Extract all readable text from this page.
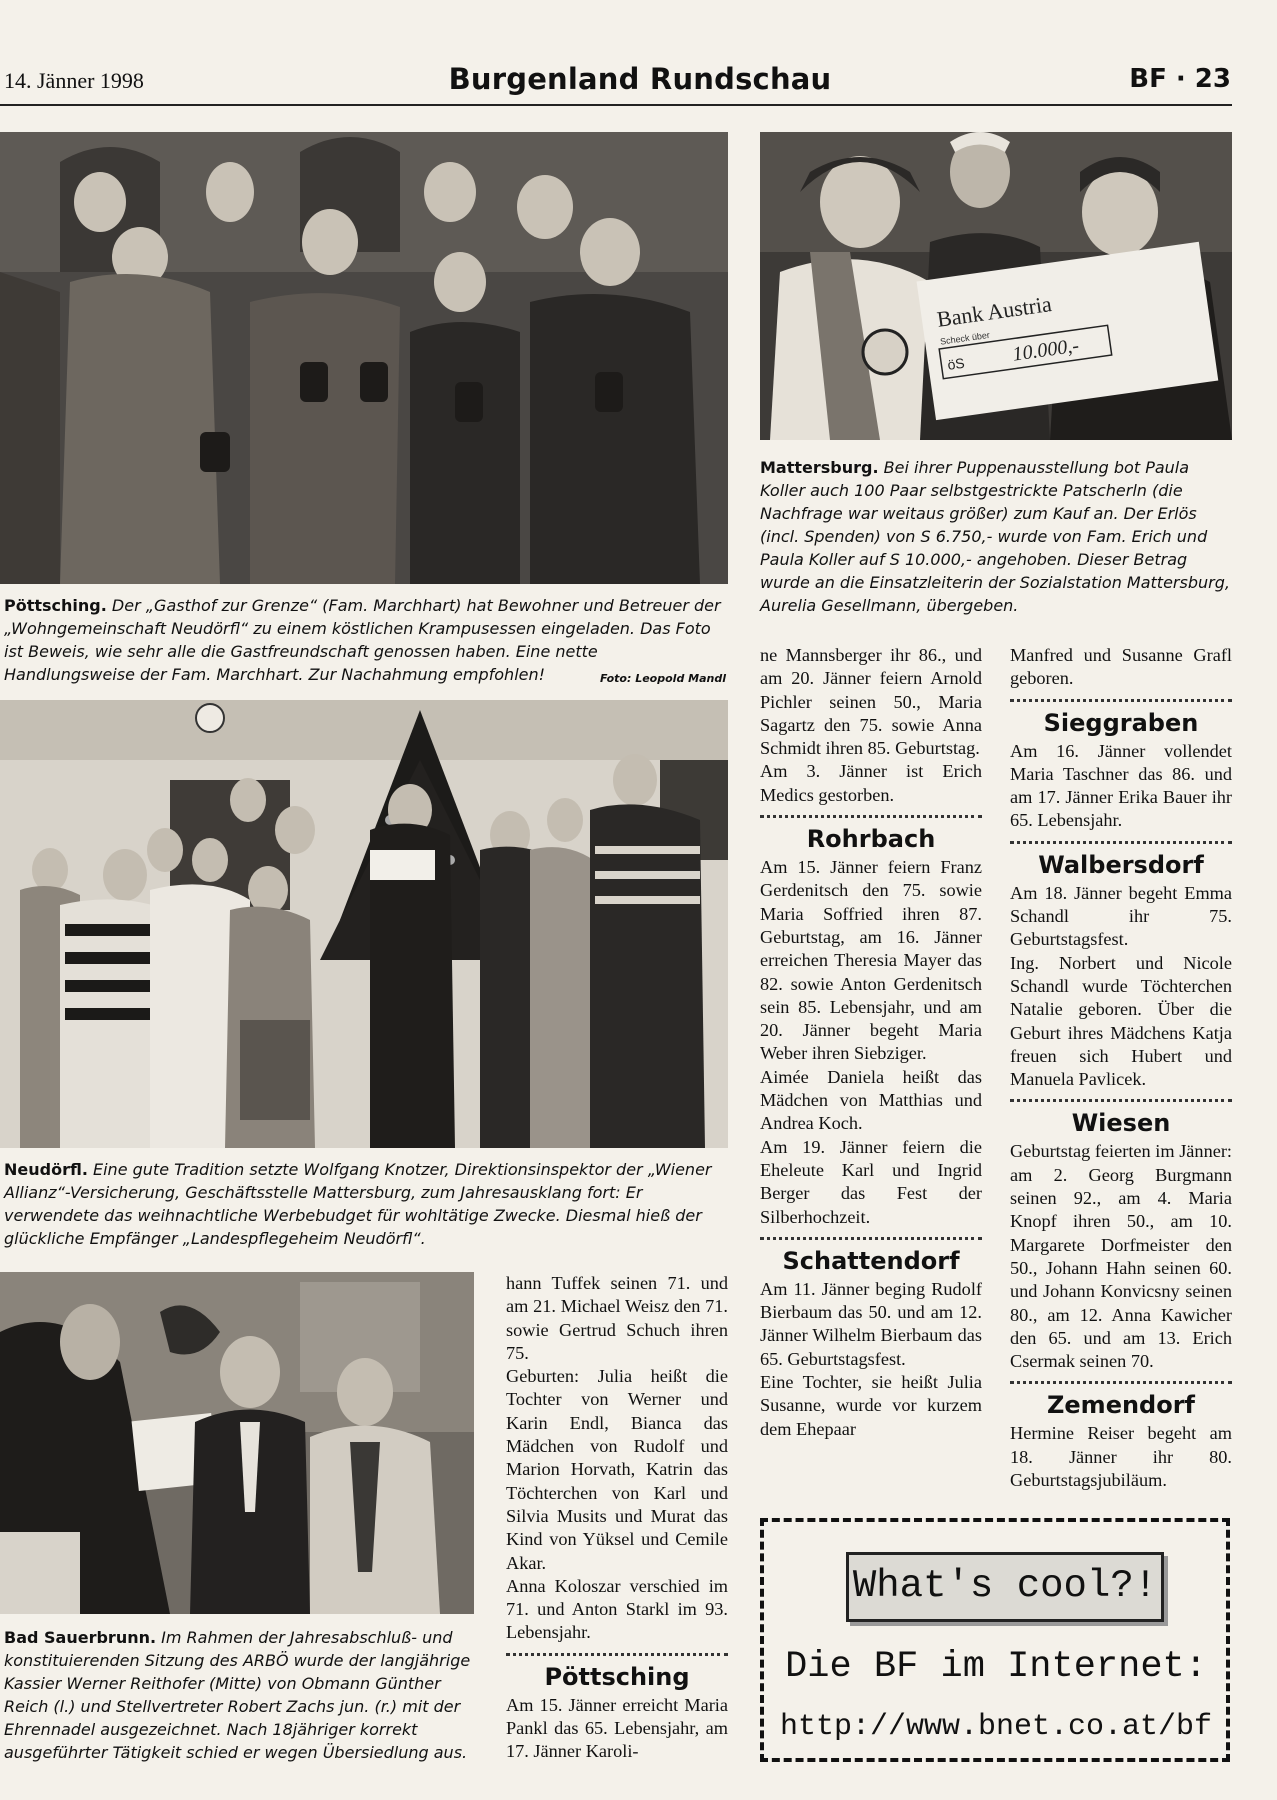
14. Jänner 1998	Burgenland Rundschau	BF · 23
Pöttsching. Der „Gasthof zur Grenze“ (Fam. Marchhart) hat Bewohner und Betreuer der „Wohngemeinschaft Neudörfl“ zu einem köstlichen Krampusessen eingeladen. Das Foto ist Beweis, wie sehr alle die Gastfreundschaft genossen haben. Eine nette Handlungsweise der Fam. Marchhart. Zur Nachahmung empfohlen!	Foto: Leopold Mandl
Bank Austria
Scheck über
öS 10.000,-
Mattersburg. Bei ihrer Puppenausstellung bot Paula Koller auch 100 Paar selbstgestrickte Patscherln (die Nachfrage war weitaus größer) zum Kauf an. Der Erlös (incl. Spenden) von S 6.750,- wurde von Fam. Erich und Paula Koller auf S 10.000,- angehoben. Dieser Betrag wurde an die Einsatzleiterin der Sozialstation Mattersburg, Aurelia Gesellmann, übergeben.
Neudörfl. Eine gute Tradition setzte Wolfgang Knotzer, Direktionsinspektor der „Wiener Allianz“-Versicherung, Geschäftsstelle Mattersburg, zum Jahresausklang fort: Er verwendete das weihnachtliche Werbebudget für wohltätige Zwecke. Diesmal hieß der glückliche Empfänger „Landespflegeheim Neudörfl“.
Bad Sauerbrunn. Im Rahmen der Jahresabschluß- und konstituierenden Sitzung des ARBÖ wurde der langjährige Kassier Werner Reithofer (Mitte) von Obmann Günther Reich (l.) und Stellvertreter Robert Zachs jun. (r.) mit der Ehrennadel ausgezeichnet. Nach 18jähriger korrekt ausgeführter Tätigkeit schied er wegen Übersiedlung aus.

hann Tuffek seinen 71. und am 21. Michael Weisz den 71. sowie Gertrud Schuch ihren 75.

Geburten: Julia heißt die Tochter von Werner und Karin Endl, Bianca das Mädchen von Rudolf und Marion Horvath, Katrin das Töchterchen von Karl und Silvia Musits und Murat das Kind von Yüksel und Cemile Akar.

Anna Koloszar verschied im 71. und Anton Starkl im 93. Lebensjahr.

Pöttsching

Am 15. Jänner erreicht Maria Pankl das 65. Lebensjahr, am 17. Jänner Karoli-

ne Mannsberger ihr 86., und am 20. Jänner feiern Arnold Pichler seinen 50., Maria Sagartz den 75. sowie Anna Schmidt ihren 85. Geburtstag.

Am 3. Jänner ist Erich Medics gestorben.

Rohrbach

Am 15. Jänner feiern Franz Gerdenitsch den 75. sowie Maria Soffried ihren 87. Geburtstag, am 16. Jänner erreichen Theresia Mayer das 82. sowie Anton Gerdenitsch sein 85. Lebensjahr, und am 20. Jänner begeht Maria Weber ihren Siebziger.

Aimée Daniela heißt das Mädchen von Matthias und Andrea Koch.

Am 19. Jänner feiern die Eheleute Karl und Ingrid Berger das Fest der Silberhochzeit.

Schattendorf

Am 11. Jänner beging Rudolf Bierbaum das 50. und am 12. Jänner Wilhelm Bierbaum das 65. Geburtstagsfest.

Eine Tochter, sie heißt Julia Susanne, wurde vor kurzem dem Ehepaar

Manfred und Susanne Grafl geboren.

Sieggraben

Am 16. Jänner vollendet Maria Taschner das 86. und am 17. Jänner Erika Bauer ihr 65. Lebensjahr.

Walbersdorf

Am 18. Jänner begeht Emma Schandl ihr 75. Geburtstagsfest.

Ing. Norbert und Nicole Schandl wurde Töchterchen Natalie geboren. Über die Geburt ihres Mädchens Katja freuen sich Hubert und Manuela Pavlicek.

Wiesen

Geburtstag feierten im Jänner: am 2. Georg Burgmann seinen 92., am 4. Maria Knopf ihren 50., am 10. Margarete Dorfmeister den 50., Johann Hahn seinen 60. und Johann Konvicsny seinen 80., am 12. Anna Kawicher den 65. und am 13. Erich Csermak seinen 70.

Zemendorf

Hermine Reiser begeht am 18. Jänner ihr 80. Geburtstagsjubiläum.

What's cool?!
Die BF im Internet:
http://www.bnet.co.at/bf
